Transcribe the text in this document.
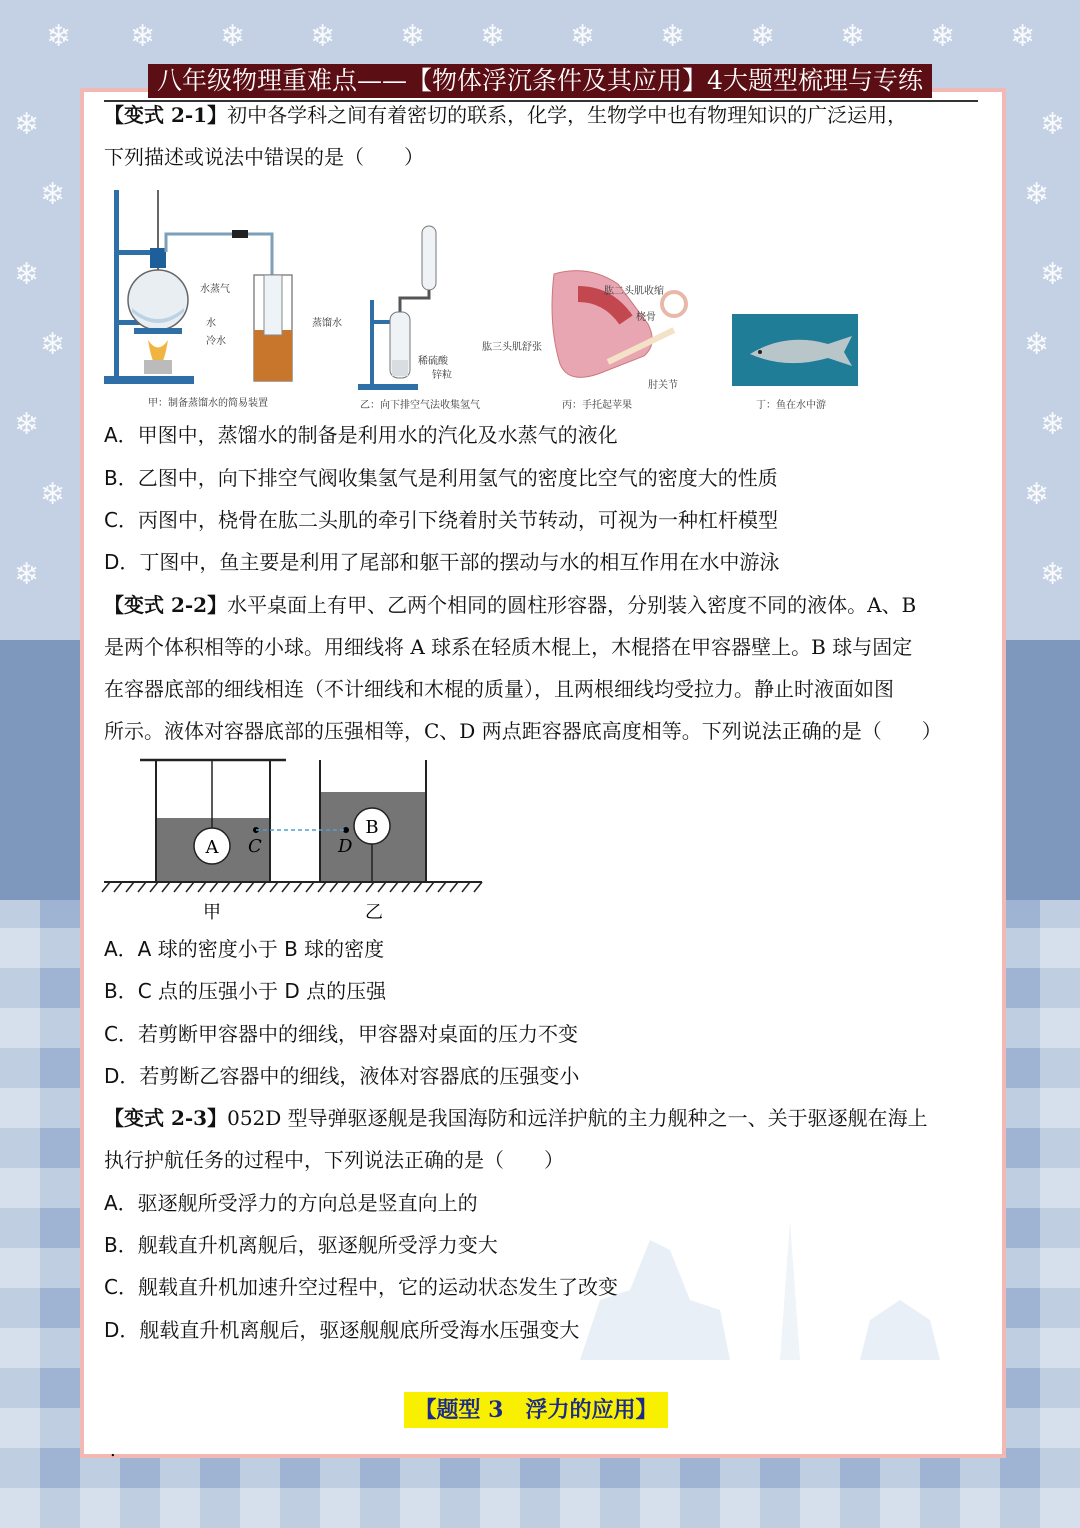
❄ ❄ ❄ ❄ ❄ ❄ ❄ ❄ ❄ ❄ ❄ ❄
❄	❄
❄	❄
❄	❄
❄	❄
❄	❄
❄	❄
❄	❄
八年级物理重难点——【物体浮沉条件及其应用】4大题型梳理与专练
【变式 2-1】初中各学科之间有着密切的联系，化学，生物学中也有物理知识的广泛运用，
下列描述或说法中错误的是（　　）
水蒸气
水
冷水
蒸馏水
甲：制备蒸馏水的简易装置
稀硫酸
锌粒
乙：向下排空气法收集氢气
肱二头肌收缩
桡骨
肱三头肌舒张
肘关节
丙：手托起苹果	丁：鱼在水中游
A．甲图中，蒸馏水的制备是利用水的汽化及水蒸气的液化
B．乙图中，向下排空气阀收集氢气是利用氢气的密度比空气的密度大的性质
C．丙图中，桡骨在肱二头肌的牵引下绕着肘关节转动，可视为一种杠杆模型
D．丁图中，鱼主要是利用了尾部和躯干部的摆动与水的相互作用在水中游泳
【变式 2-2】水平桌面上有甲、乙两个相同的圆柱形容器，分别装入密度不同的液体。A、B
是两个体积相等的小球。用细线将 A 球系在轻质木棍上，木棍搭在甲容器壁上。B 球与固定
在容器底部的细线相连（不计细线和木棍的质量），且两根细线均受拉力。静止时液面如图
所示。液体对容器底部的压强相等，C、D 两点距容器底高度相等。下列说法正确的是（　　）
A C
B
D
甲	乙
A．A 球的密度小于 B 球的密度
B．C 点的压强小于 D 点的压强
C．若剪断甲容器中的细线，甲容器对桌面的压力不变
D．若剪断乙容器中的细线，液体对容器底的压强变小
【变式 2-3】052D 型导弹驱逐舰是我国海防和远洋护航的主力舰种之一、关于驱逐舰在海上
执行护航任务的过程中，下列说法正确的是（　　）
A．驱逐舰所受浮力的方向总是竖直向上的
B．舰载直升机离舰后，驱逐舰所受浮力变大
C．舰载直升机加速升空过程中，它的运动状态发生了改变
D．舰载直升机离舰后，驱逐舰舰底所受海水压强变大
【题型 3　浮力的应用】
.
